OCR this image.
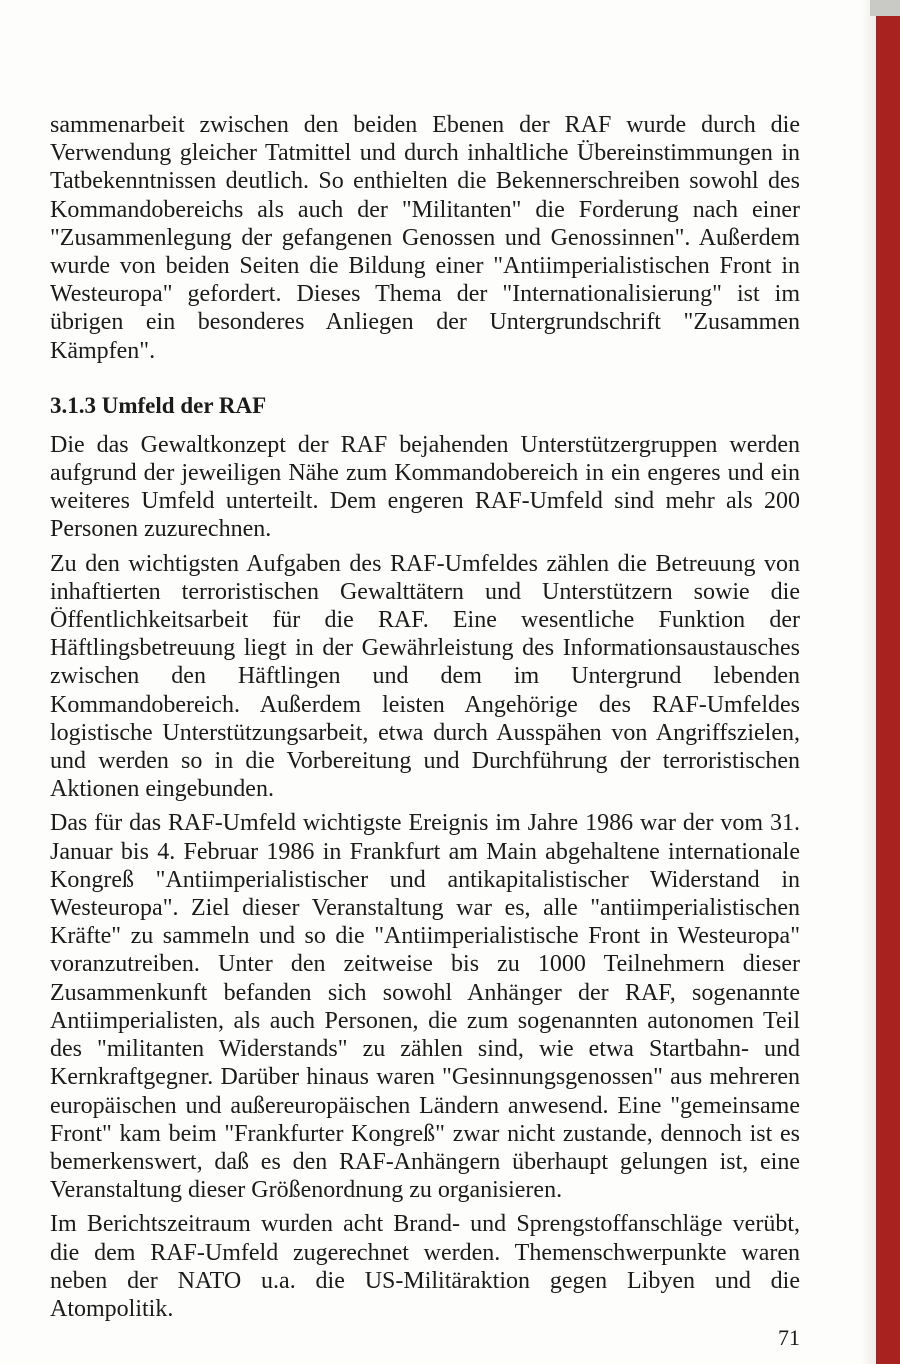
sammenarbeit zwischen den beiden Ebenen der RAF wurde durch die Verwendung gleicher Tatmittel und durch inhaltliche Übereinstimmungen in Tatbekenntnissen deutlich. So enthielten die Bekennerschreiben sowohl des Kommandobereichs als auch der "Militanten" die Forderung nach einer "Zusammenlegung der gefangenen Genossen und Genossinnen". Außerdem wurde von beiden Seiten die Bildung einer "Antiimperialistischen Front in Westeuropa" gefordert. Dieses Thema der "Internationalisierung" ist im übrigen ein besonderes Anliegen der Untergrundschrift "Zusammen Kämpfen".

3.1.3 Umfeld der RAF

Die das Gewaltkonzept der RAF bejahenden Unterstützergruppen werden aufgrund der jeweiligen Nähe zum Kommandobereich in ein engeres und ein weiteres Umfeld unterteilt. Dem engeren RAF-Umfeld sind mehr als 200 Personen zuzurechnen.

Zu den wichtigsten Aufgaben des RAF-Umfeldes zählen die Betreuung von inhaftierten terroristischen Gewalttätern und Unterstützern sowie die Öffentlichkeitsarbeit für die RAF. Eine wesentliche Funktion der Häftlingsbetreuung liegt in der Gewährleistung des Informationsaustausches zwischen den Häftlingen und dem im Untergrund lebenden Kommandobereich. Außerdem leisten Angehörige des RAF-Umfeldes logistische Unterstützungsarbeit, etwa durch Ausspähen von Angriffszielen, und werden so in die Vorbereitung und Durchführung der terroristischen Aktionen eingebunden.

Das für das RAF-Umfeld wichtigste Ereignis im Jahre 1986 war der vom 31. Januar bis 4. Februar 1986 in Frankfurt am Main abgehaltene internationale Kongreß "Antiimperialistischer und antikapitalistischer Widerstand in Westeuropa". Ziel dieser Veranstaltung war es, alle "antiimperialistischen Kräfte" zu sammeln und so die "Antiimperialistische Front in Westeuropa" voranzutreiben. Unter den zeitweise bis zu 1000 Teilnehmern dieser Zusammenkunft befanden sich sowohl Anhänger der RAF, sogenannte Antiimperialisten, als auch Personen, die zum sogenannten autonomen Teil des "militanten Widerstands" zu zählen sind, wie etwa Startbahn- und Kernkraftgegner. Darüber hinaus waren "Gesinnungsgenossen" aus mehreren europäischen und außereuropäischen Ländern anwesend. Eine "gemeinsame Front" kam beim "Frankfurter Kongreß" zwar nicht zustande, dennoch ist es bemerkenswert, daß es den RAF-Anhängern überhaupt gelungen ist, eine Veranstaltung dieser Größenordnung zu organisieren.

Im Berichtszeitraum wurden acht Brand- und Sprengstoffanschläge verübt, die dem RAF-Umfeld zugerechnet werden. Themenschwerpunkte waren neben der NATO u.a. die US-Militäraktion gegen Libyen und die Atompolitik.

71
